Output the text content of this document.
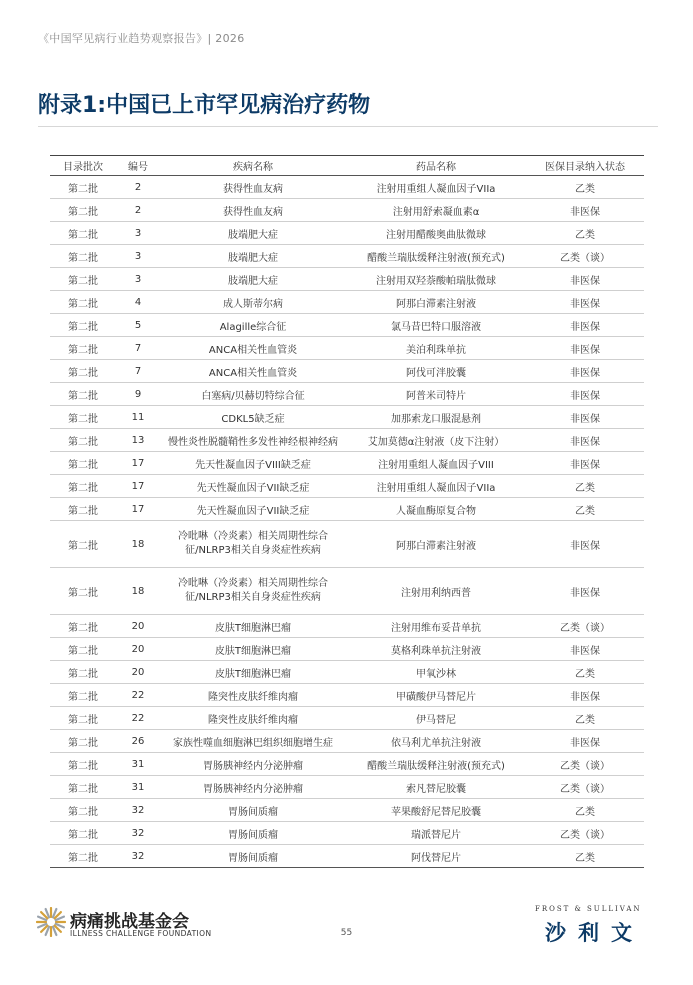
《中国罕见病行业趋势观察报告》| 2026
附录1:中国已上市罕见病治疗药物
目录批次	编号	疾病名称	药品名称	医保目录纳入状态
第二批	2	获得性血友病	注射用重组人凝血因子VIIa	乙类
第二批	2	获得性血友病	注射用舒索凝血素α	非医保
第二批	3	肢端肥大症	注射用醋酸奥曲肽微球	乙类
第二批	3	肢端肥大症	醋酸兰瑞肽缓释注射液(预充式)	乙类（谈）
第二批	3	肢端肥大症	注射用双羟萘酸帕瑞肽微球	非医保
第二批	4	成人斯蒂尔病	阿那白滞素注射液	非医保
第二批	5	Alagille综合征	氯马昔巴特口服溶液	非医保
第二批	7	ANCA相关性血管炎	美泊利珠单抗	非医保
第二批	7	ANCA相关性血管炎	阿伐可泮胶囊	非医保
第二批	9	白塞病/贝赫切特综合征	阿普米司特片	非医保
第二批	11	CDKL5缺乏症	加那索龙口服混悬剂	非医保
第二批	13	慢性炎性脱髓鞘性多发性神经根神经病	艾加莫德α注射液（皮下注射）	非医保
第二批	17	先天性凝血因子VIII缺乏症	注射用重组人凝血因子VIII	非医保
第二批	17	先天性凝血因子VII缺乏症	注射用重组人凝血因子VIIa	乙类
第二批	17	先天性凝血因子VII缺乏症	人凝血酶原复合物	乙类
第二批	18	冷吡啉（冷炎素）相关周期性综合征/NLRP3相关自身炎症性疾病	阿那白滞素注射液	非医保
第二批	18	冷吡啉（冷炎素）相关周期性综合征/NLRP3相关自身炎症性疾病	注射用利纳西普	非医保
第二批	20	皮肤T细胞淋巴瘤	注射用维布妥昔单抗	乙类（谈）
第二批	20	皮肤T细胞淋巴瘤	莫格利珠单抗注射液	非医保
第二批	20	皮肤T细胞淋巴瘤	甲氧沙林	乙类
第二批	22	隆突性皮肤纤维肉瘤	甲磺酸伊马替尼片	非医保
第二批	22	隆突性皮肤纤维肉瘤	伊马替尼	乙类
第二批	26	家族性噬血细胞淋巴组织细胞增生症	依马利尤单抗注射液	非医保
第二批	31	胃肠胰神经内分泌肿瘤	醋酸兰瑞肽缓释注射液(预充式)	乙类（谈）
第二批	31	胃肠胰神经内分泌肿瘤	索凡替尼胶囊	乙类（谈）
第二批	32	胃肠间质瘤	苹果酸舒尼替尼胶囊	乙类
第二批	32	胃肠间质瘤	瑞派替尼片	乙类（谈）
第二批	32	胃肠间质瘤	阿伐替尼片	乙类
病痛挑战基金会
ILLNESS CHALLENGE FOUNDATION	55
FROST & SULLIVAN
沙利文
